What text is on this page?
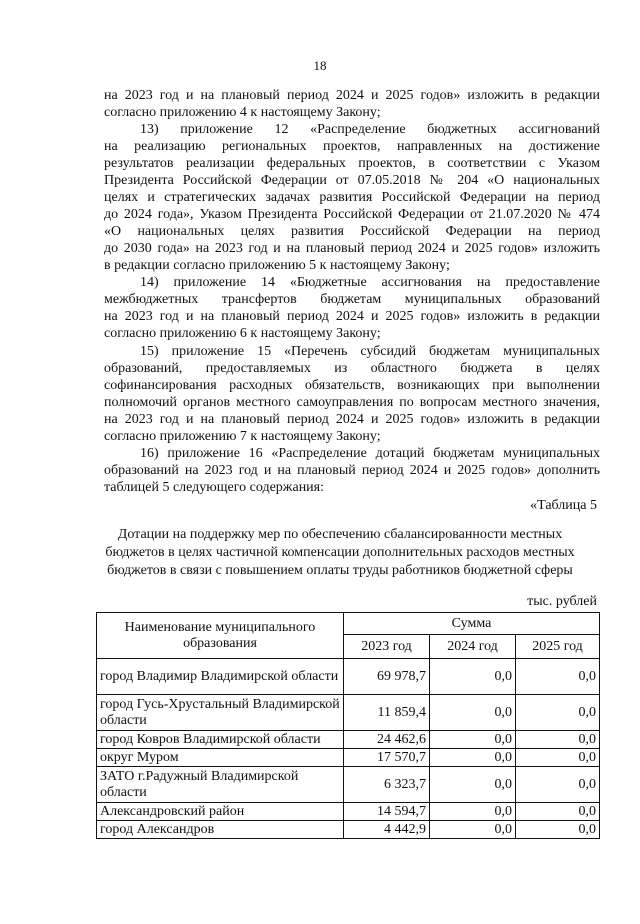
18
на 2023 год и на плановый период 2024 и 2025 годов» изложить в редакции
согласно приложению 4 к настоящему Закону;
13) приложение 12 «Распределение бюджетных ассигнований
на реализацию региональных проектов, направленных на достижение
результатов реализации федеральных проектов, в соответствии с Указом
Президента Российской Федерации от 07.05.2018 № 204 «О национальных
целях и стратегических задачах развития Российской Федерации на период
до 2024 года», Указом Президента Российской Федерации от 21.07.2020 № 474
«О национальных целях развития Российской Федерации на период
до 2030 года» на 2023 год и на плановый период 2024 и 2025 годов» изложить
в редакции согласно приложению 5 к настоящему Закону;
14) приложение 14 «Бюджетные ассигнования на предоставление
межбюджетных трансфертов бюджетам муниципальных образований
на 2023 год и на плановый период 2024 и 2025 годов» изложить в редакции
согласно приложению 6 к настоящему Закону;
15) приложение 15 «Перечень субсидий бюджетам муниципальных
образований, предоставляемых из областного бюджета в целях
софинансирования расходных обязательств, возникающих при выполнении
полномочий органов местного самоуправления по вопросам местного значения,
на 2023 год и на плановый период 2024 и 2025 годов» изложить в редакции
согласно приложению 7 к настоящему Закону;
16) приложение 16 «Распределение дотаций бюджетам муниципальных
образований на 2023 год и на плановый период 2024 и 2025 годов» дополнить
таблицей 5 следующего содержания:
«Таблица 5
Дотации на поддержку мер по обеспечению сбалансированности местных
бюджетов в целях частичной компенсации дополнительных расходов местных
бюджетов в связи с повышением оплаты труды работников бюджетной сферы
тыс. рублей
Наименование муниципального образования	Сумма		
	2023 год	2024 год	2025 год
город Владимир Владимирской области	69 978,7	0,0	0,0
город Гусь-Хрустальный Владимирской области	11 859,4	0,0	0,0
город Ковров Владимирской области	24 462,6	0,0	0,0
округ Муром	17 570,7	0,0	0,0
ЗАТО г.Радужный Владимирской области	6 323,7	0,0	0,0
Александровский район	14 594,7	0,0	0,0
город Александров	4 442,9	0,0	0,0
